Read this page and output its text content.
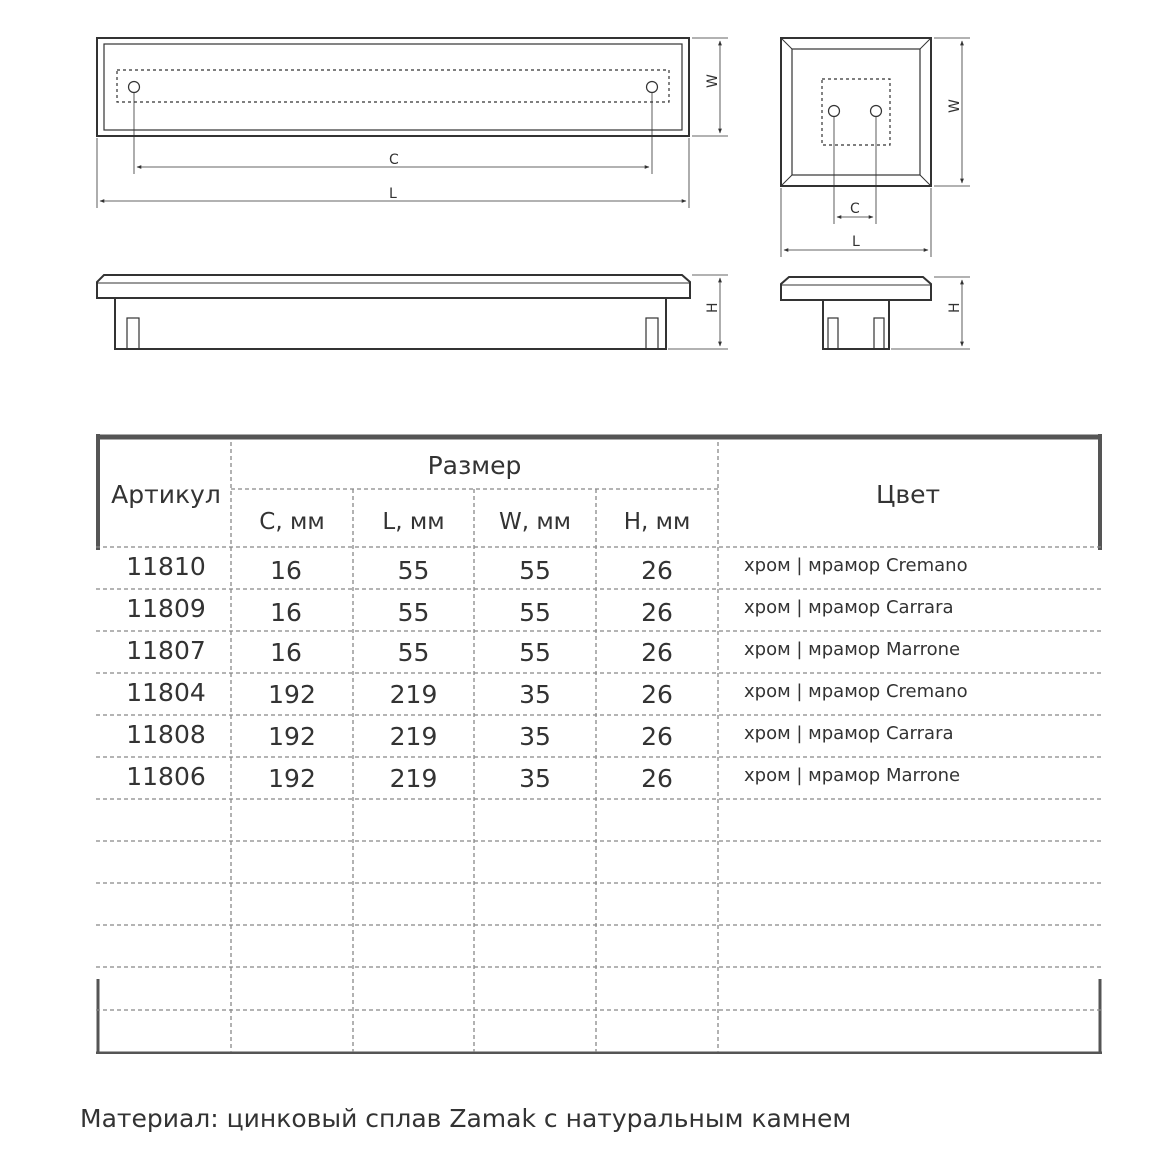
W
C
L
W
C
L
H	H
Артикул
Размер
Цвет
C, мм	L, мм	W, мм	H, мм
11810	16	55	55	26	хром | мрамор Cremano
11809	16	55	55	26	хром | мрамор Carrara
11807	16	55	55	26	хром | мрамор Marrone
11804	192	219	35	26	хром | мрамор Cremano
11808	192	219	35	26	хром | мрамор Carrara
11806	192	219	35	26	хром | мрамор Marrone
Материал: цинковый сплав Zamak с натуральным камнем
